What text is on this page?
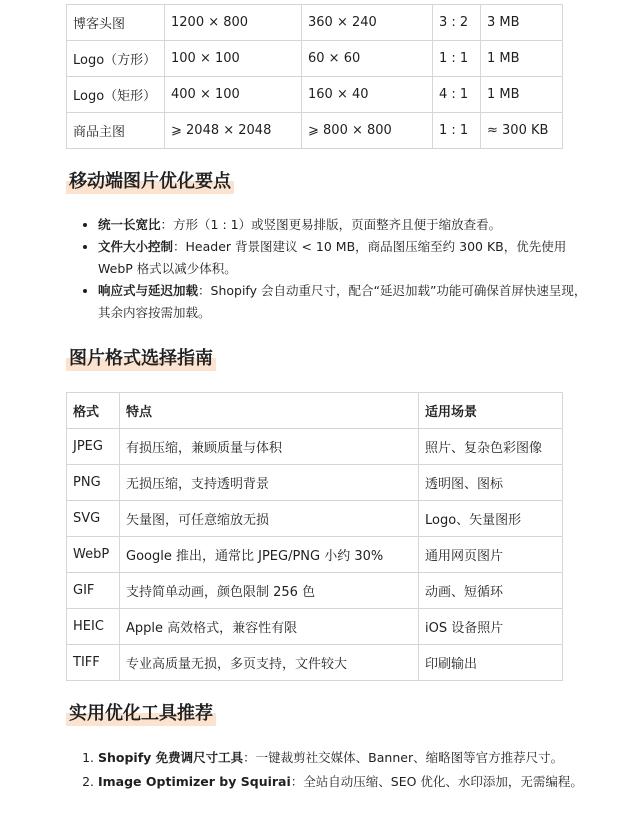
博客头图	1200 × 800	360 × 240	3 : 2	3 MB
Logo（方形）	100 × 100	60 × 60	1 : 1	1 MB
Logo（矩形）	400 × 100	160 × 40	4 : 1	1 MB
商品主图	⩾ 2048 × 2048	⩾ 800 × 800	1 : 1	≈ 300 KB
移动端图片优化要点
• 统一长宽比：方形（1 : 1）或竖图更易排版，页面整齐且便于缩放查看。
• 文件大小控制：Header 背景图建议 < 10 MB，商品图压缩至约 300 KB，优先使用 WebP 格式以减少体积。
• 响应式与延迟加载：Shopify 会自动重尺寸，配合“延迟加载”功能可确保首屏快速呈现，其余内容按需加载。
图片格式选择指南
格式	特点	适用场景
JPEG	有损压缩，兼顾质量与体积	照片、复杂色彩图像
PNG	无损压缩，支持透明背景	透明图、图标
SVG	矢量图，可任意缩放无损	Logo、矢量图形
WebP	Google 推出，通常比 JPEG/PNG 小约 30%	通用网页图片
GIF	支持简单动画，颜色限制 256 色	动画、短循环
HEIC	Apple 高效格式，兼容性有限	iOS 设备照片
TIFF	专业高质量无损，多页支持，文件较大	印刷输出
实用优化工具推荐
1. Shopify 免费调尺寸工具：一键裁剪社交媒体、Banner、缩略图等官方推荐尺寸。
2. Image Optimizer by Squirai：全站自动压缩、SEO 优化、水印添加，无需编程。
